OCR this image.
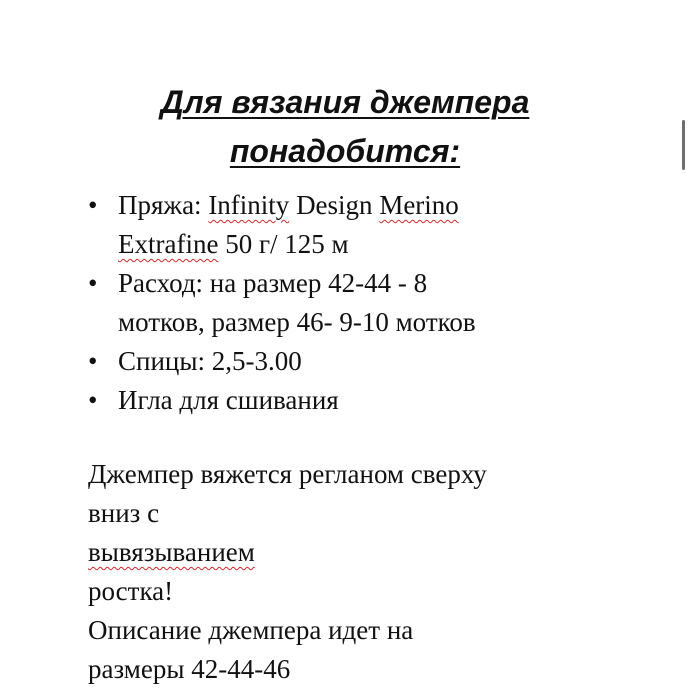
Для вязания джемпера
понадобится:
• Пряжа: Infinity Design Merino
Extrafine 50 г/ 125 м
• Расход: на размер 42-44 - 8
мотков, размер 46- 9-10 мотков
• Спицы: 2,5-3.00
• Игла для сшивания

Джемпер вяжется регланом сверху
вниз с
вывязыванием
ростка!
Описание джемпера идет на
размеры 42-44-46
